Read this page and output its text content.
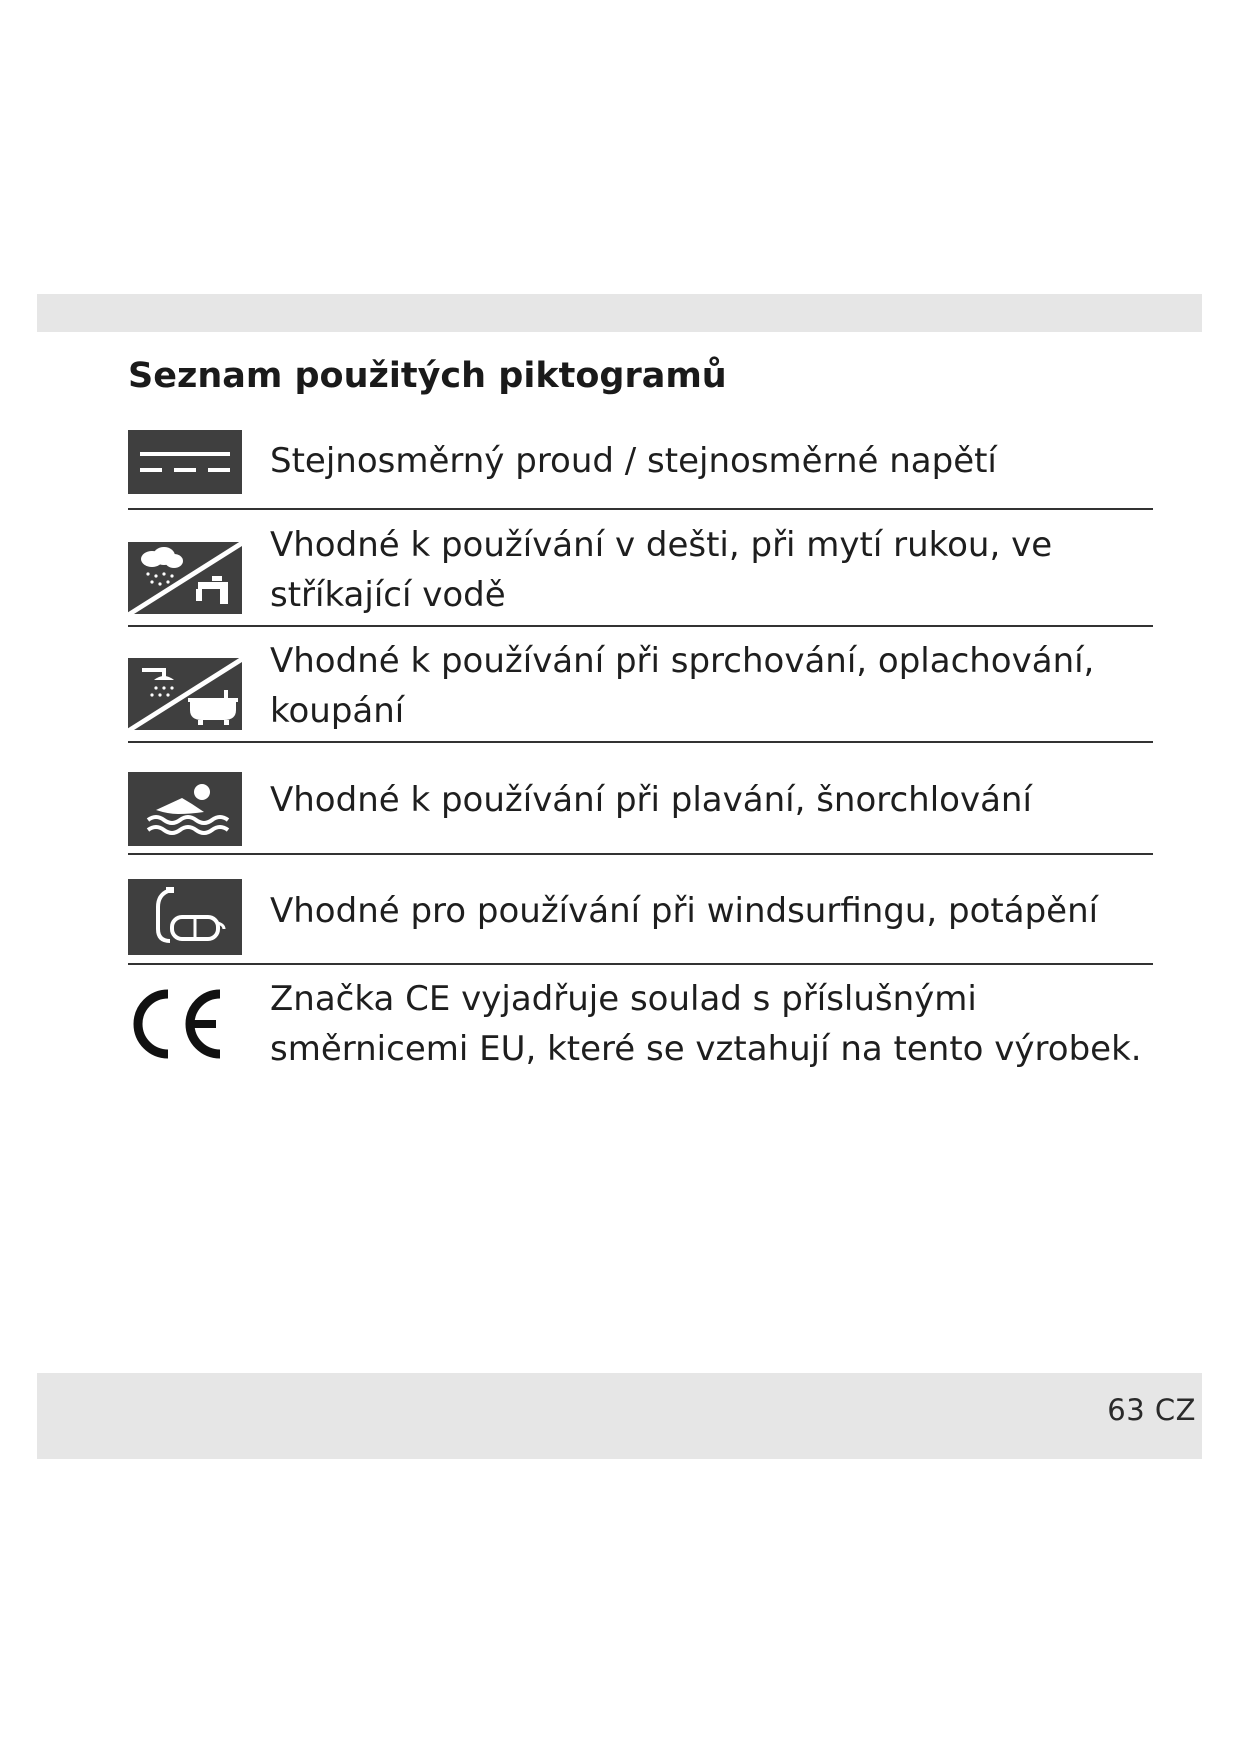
Seznam použitých piktogramů
Stejnosměrný proud / stejnosměrné napětí
Vhodné k používání v dešti, při mytí rukou, ve stříkající vodě
Vhodné k používání při sprchování, oplachování, koupání
Vhodné k používání při plavání, šnorchlování
Vhodné pro používání při windsurfingu, potápění
Značka CE vyjadřuje soulad s příslušnými směrnicemi EU, které se vztahují na tento výrobek.
63 CZ
